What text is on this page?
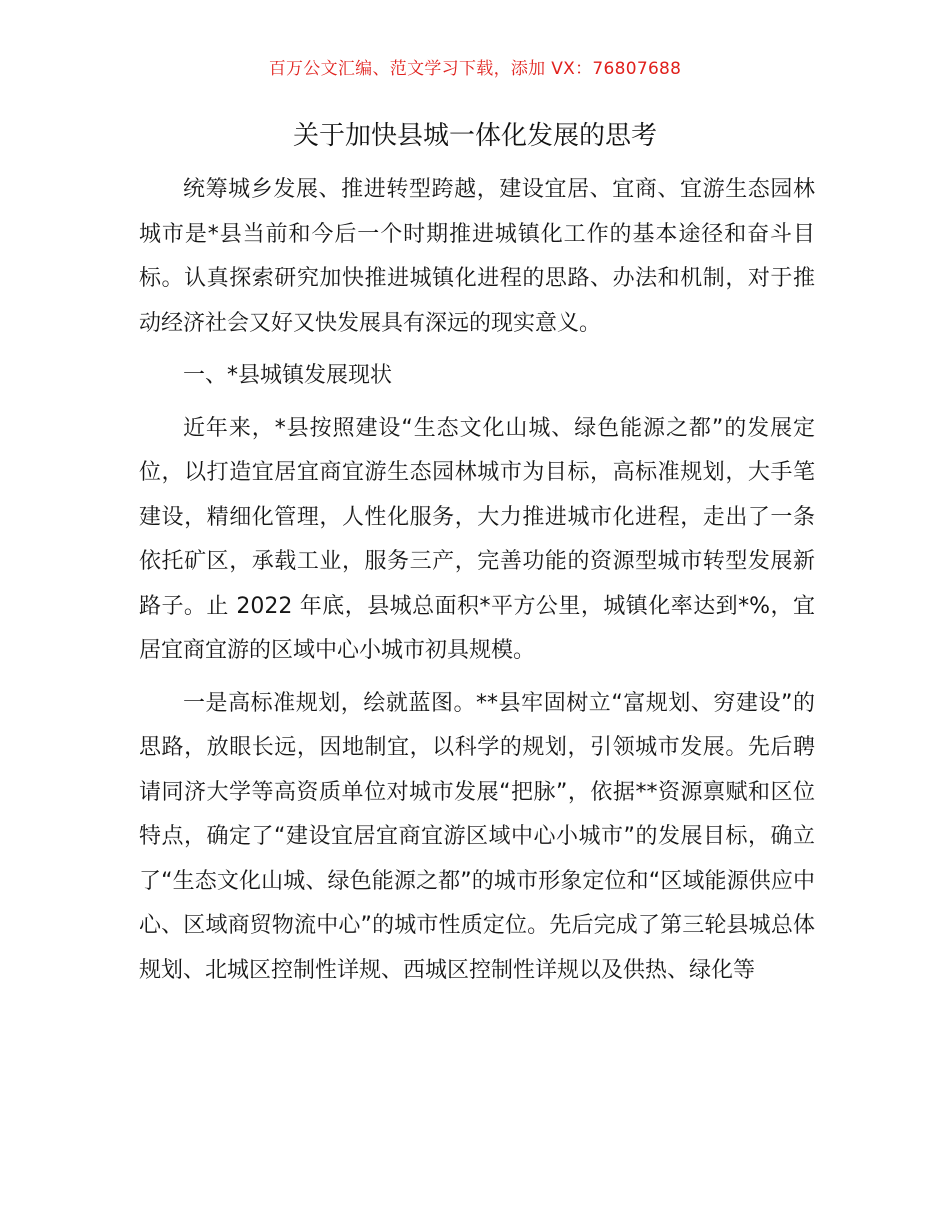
百万公文汇编、范文学习下载，添加 VX：76807688
关于加快县城一体化发展的思考

统筹城乡发展、推进转型跨越，建设宜居、宜商、宜游生态园林城市是*县当前和今后一个时期推进城镇化工作的基本途径和奋斗目标。认真探索研究加快推进城镇化进程的思路、办法和机制，对于推动经济社会又好又快发展具有深远的现实意义。

一、*县城镇发展现状

近年来，*县按照建设“生态文化山城、绿色能源之都”的发展定位，以打造宜居宜商宜游生态园林城市为目标，高标准规划，大手笔建设，精细化管理，人性化服务，大力推进城市化进程，走出了一条依托矿区，承载工业，服务三产，完善功能的资源型城市转型发展新路子。止 2022 年底，县城总面积*平方公里，城镇化率达到*%，宜居宜商宜游的区域中心小城市初具规模。

一是高标准规划，绘就蓝图。**县牢固树立“富规划、穷建设”的思路，放眼长远，因地制宜，以科学的规划，引领城市发展。先后聘请同济大学等高资质单位对城市发展“把脉”，依据**资源禀赋和区位特点，确定了“建设宜居宜商宜游区域中心小城市”的发展目标，确立了“生态文化山城、绿色能源之都”的城市形象定位和“区域能源供应中心、区域商贸物流中心”的城市性质定位。先后完成了第三轮县城总体规划、北城区控制性详规、西城区控制性详规以及供热、绿化等
